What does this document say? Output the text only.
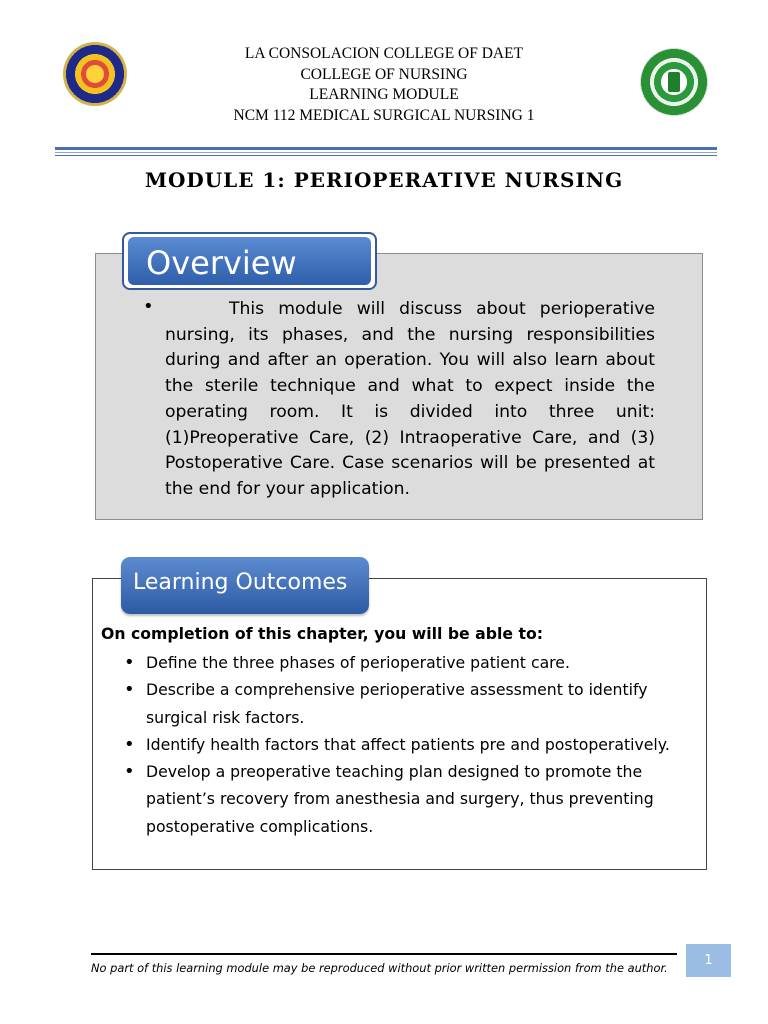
LA CONSOLACION COLLEGE OF DAET
COLLEGE OF NURSING
LEARNING MODULE
NCM 112 MEDICAL SURGICAL NURSING 1
MODULE 1: PERIOPERATIVE NURSING
Overview
•	This module will discuss about perioperative nursing, its phases, and the nursing responsibilities during and after an operation. You will also learn about the sterile technique and what to expect inside the operating room. It is divided into three unit: (1)Preoperative Care, (2) Intraoperative Care, and (3) Postoperative Care. Case scenarios will be presented at the end for your application.
Learning Outcomes
On completion of this chapter, you will be able to:
• Define the three phases of perioperative patient care.
• Describe a comprehensive perioperative assessment to identify surgical risk factors.
• Identify health factors that affect patients pre and postoperatively.
• Develop a preoperative teaching plan designed to promote the patient’s recovery from anesthesia and surgery, thus preventing postoperative complications.
No part of this learning module may be reproduced without prior written permission from the author.	1
